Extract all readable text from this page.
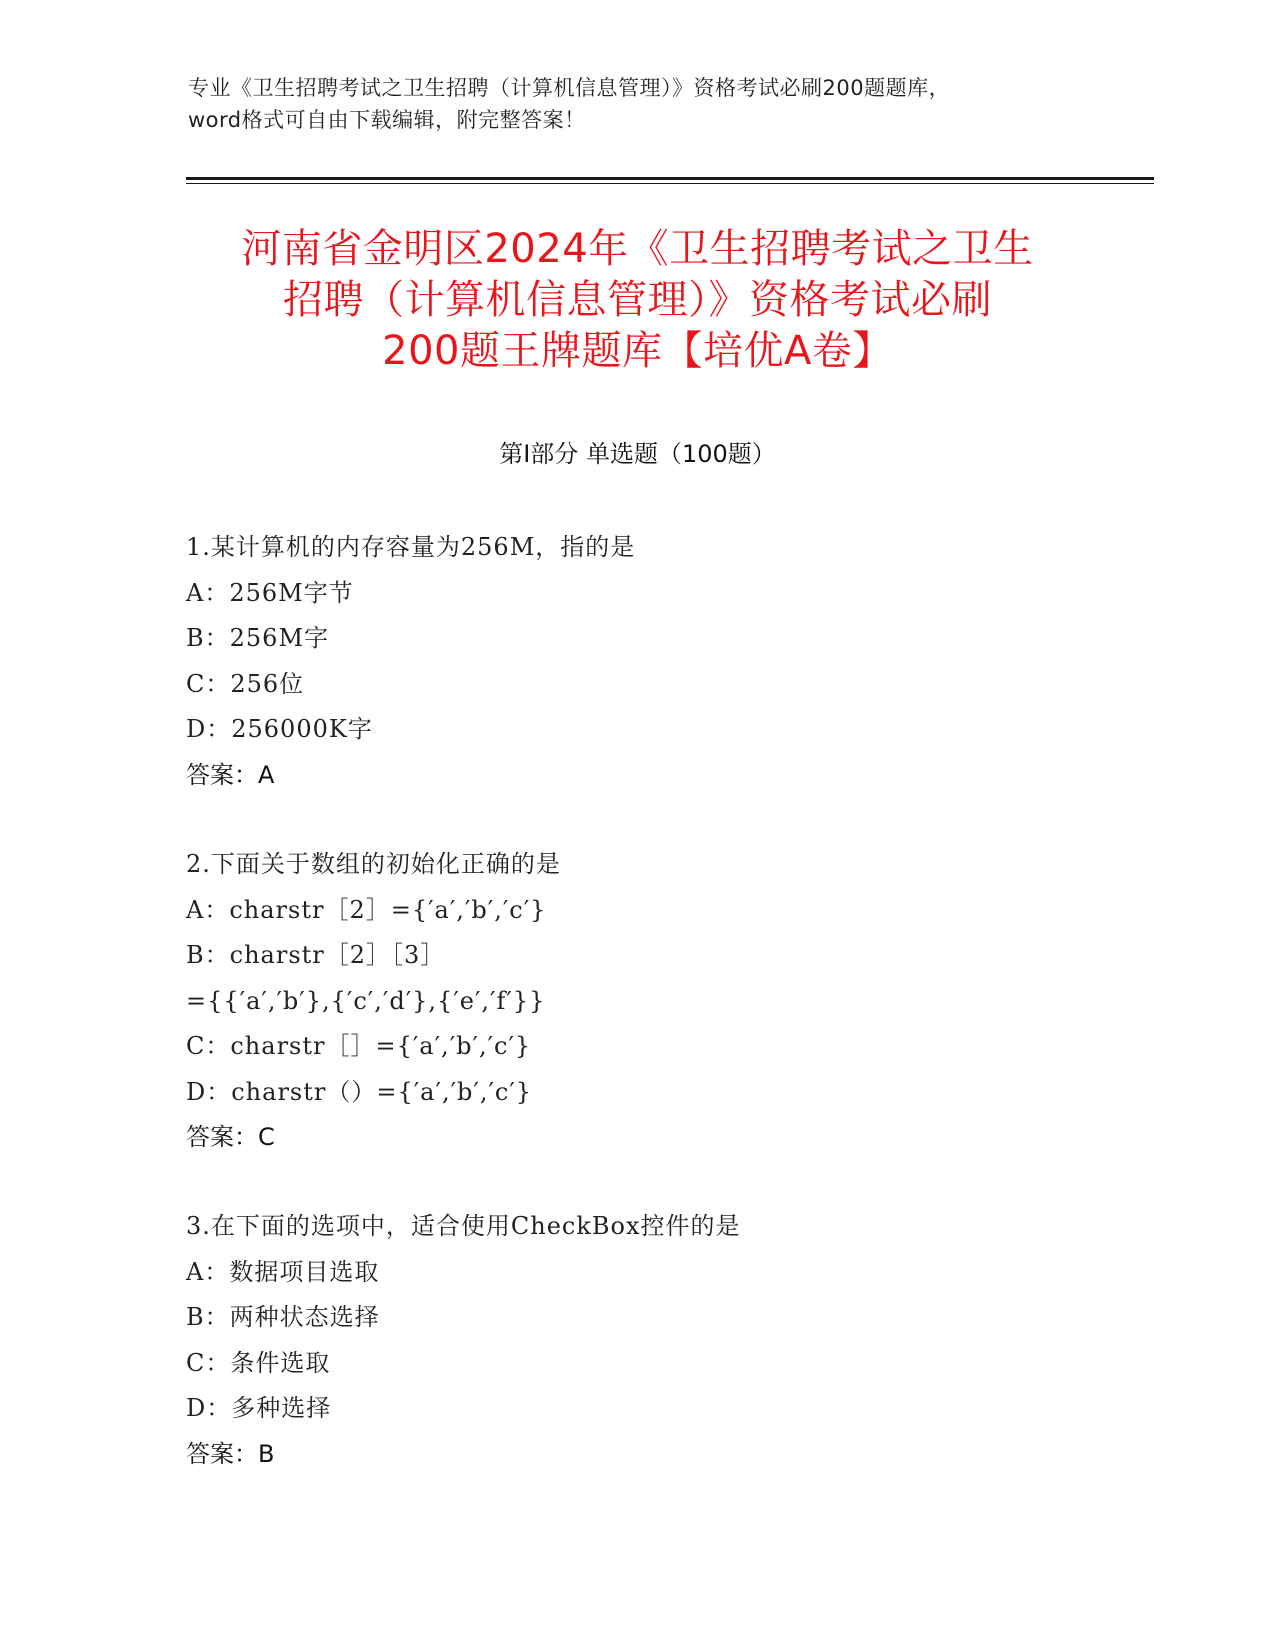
专业《卫生招聘考试之卫生招聘（计算机信息管理）》资格考试必刷200题题库，
word格式可自由下载编辑，附完整答案！
河南省金明区2024年《卫生招聘考试之卫生
招聘（计算机信息管理）》资格考试必刷
200题王牌题库【培优A卷】
第Ⅰ部分 单选题（100题）
1.某计算机的内存容量为256M，指的是
A：256M字节
B：256M字
C：256位
D：256000K字
答案：A
2.下面关于数组的初始化正确的是
A：charstr［2］={′a′,′b′,′c′}
B：charstr［2］［3］
={{′a′,′b′},{′c′,′d′},{′e′,′f′}}
C：charstr［］={′a′,′b′,′c′}
D：charstr（）={′a′,′b′,′c′}
答案：C
3.在下面的选项中，适合使用CheckBox控件的是
A：数据项目选取
B：两种状态选择
C：条件选取
D：多种选择
答案：B
